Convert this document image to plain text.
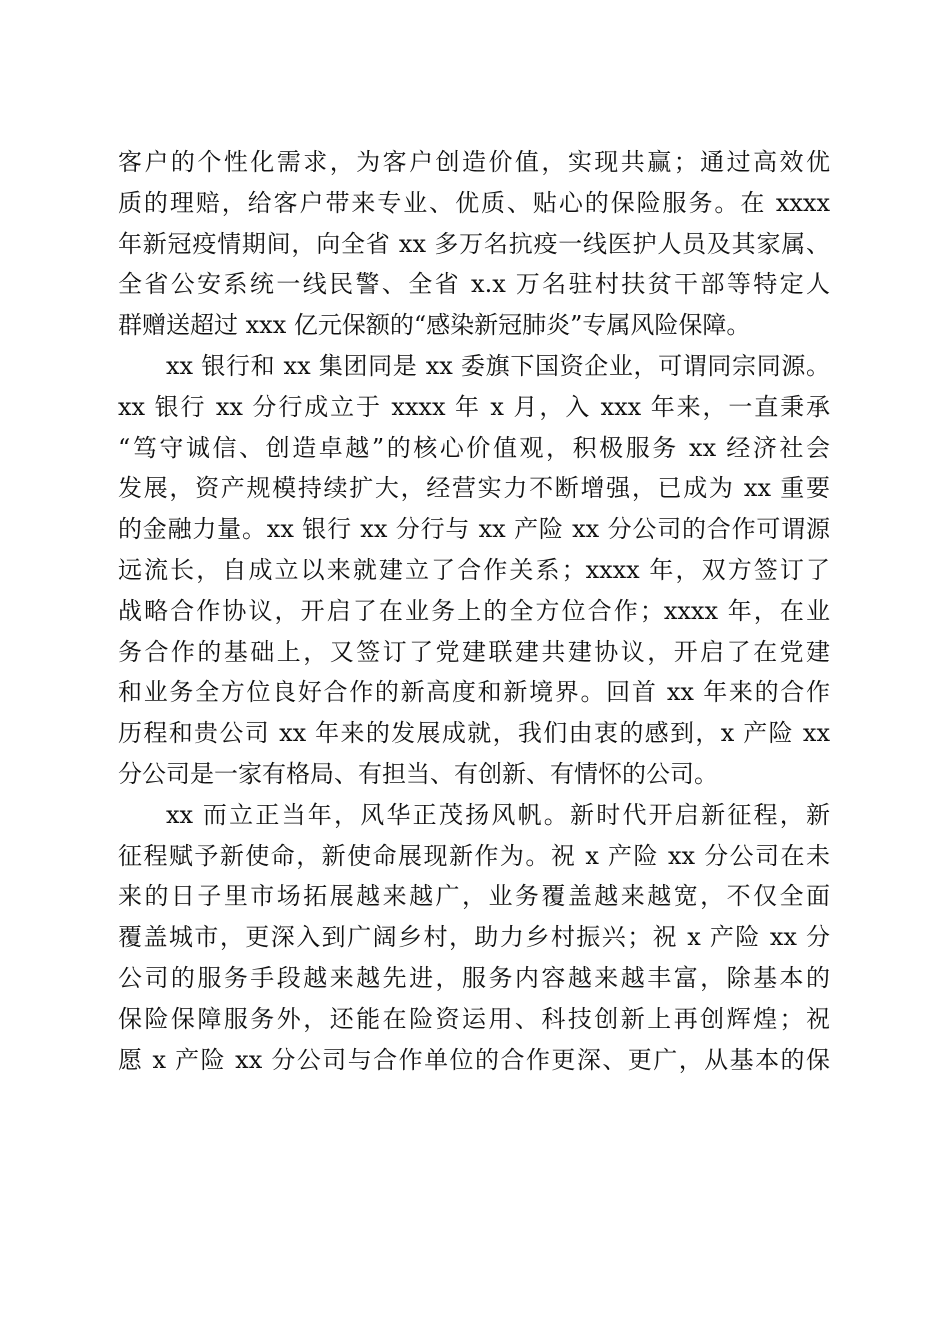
客户的个性化需求，为客户创造价值，实现共赢；通过高效优
质的理赔，给客户带来专业、优质、贴心的保险服务。在 xxxx
年新冠疫情期间，向全省 xx 多万名抗疫一线医护人员及其家属、
全省公安系统一线民警、全省 x.x 万名驻村扶贫干部等特定人
群赠送超过 xxx 亿元保额的“感染新冠肺炎”专属风险保障。
xx 银行和 xx 集团同是 xx 委旗下国资企业，可谓同宗同源。
xx 银行 xx 分行成立于 xxxx 年 x 月，入 xxx 年来，一直秉承
“笃守诚信、创造卓越”的核心价值观，积极服务 xx 经济社会
发展，资产规模持续扩大，经营实力不断增强，已成为 xx 重要
的金融力量。xx 银行 xx 分行与 xx 产险 xx 分公司的合作可谓源
远流长，自成立以来就建立了合作关系；xxxx 年，双方签订了
战略合作协议，开启了在业务上的全方位合作；xxxx 年，在业
务合作的基础上，又签订了党建联建共建协议，开启了在党建
和业务全方位良好合作的新高度和新境界。回首 xx 年来的合作
历程和贵公司 xx 年来的发展成就，我们由衷的感到，x 产险 xx
分公司是一家有格局、有担当、有创新、有情怀的公司。
xx 而立正当年，风华正茂扬风帆。新时代开启新征程，新
征程赋予新使命，新使命展现新作为。祝 x 产险 xx 分公司在未
来的日子里市场拓展越来越广，业务覆盖越来越宽，不仅全面
覆盖城市，更深入到广阔乡村，助力乡村振兴；祝 x 产险 xx 分
公司的服务手段越来越先进，服务内容越来越丰富，除基本的
保险保障服务外，还能在险资运用、科技创新上再创辉煌；祝
愿 x 产险 xx 分公司与合作单位的合作更深、更广，从基本的保
